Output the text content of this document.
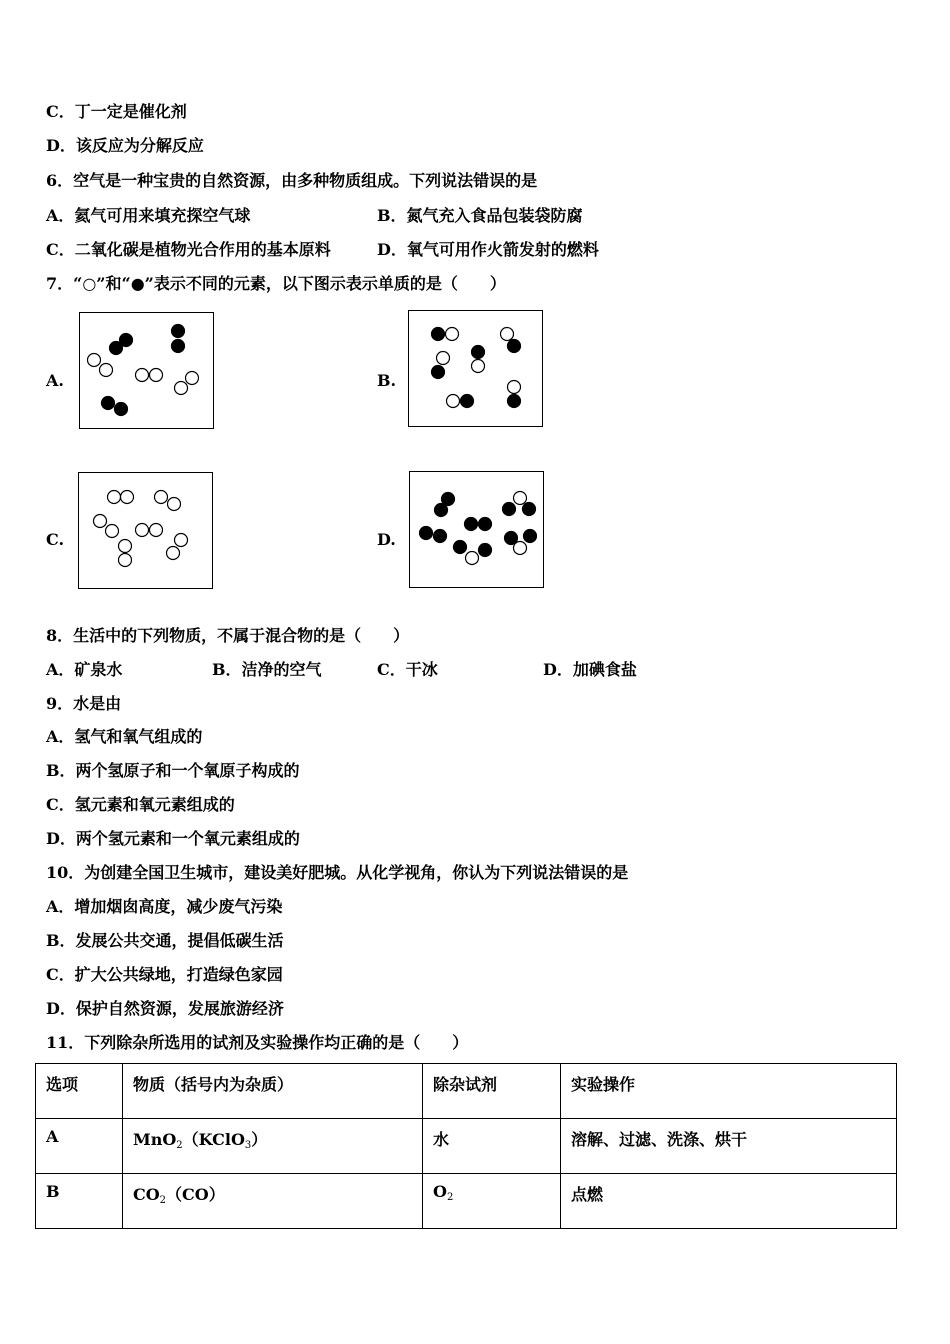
C．丁一定是催化剂
D．该反应为分解反应
6．空气是一种宝贵的自然资源，由多种物质组成。下列说法错误的是
A．氦气可用来填充探空气球	B．氮气充入食品包装袋防腐
C．二氧化碳是植物光合作用的基本原料	D．氧气可用作火箭发射的燃料
7．“○”和“●”表示不同的元素，以下图示表示单质的是（　　）
A.	B.
C.	D.
8．生活中的下列物质，不属于混合物的是（　　）
A．矿泉水	B．洁净的空气	C．干冰	D．加碘食盐
9．水是由
A．氢气和氧气组成的
B．两个氢原子和一个氧原子构成的
C．氢元素和氧元素组成的
D．两个氢元素和一个氧元素组成的
10．为创建全国卫生城市，建设美好肥城。从化学视角，你认为下列说法错误的是
A．增加烟囱高度，减少废气污染
B．发展公共交通，提倡低碳生活
C．扩大公共绿地，打造绿色家园
D．保护自然资源，发展旅游经济
11．下列除杂所选用的试剂及实验操作均正确的是（　　）
选项	物质（括号内为杂质）	除杂试剂	实验操作
A	MnO$_2$（KClO$_3$）	水	溶解、过滤、洗涤、烘干
B	$CO_2(CO)$	$O_2$	点燃
